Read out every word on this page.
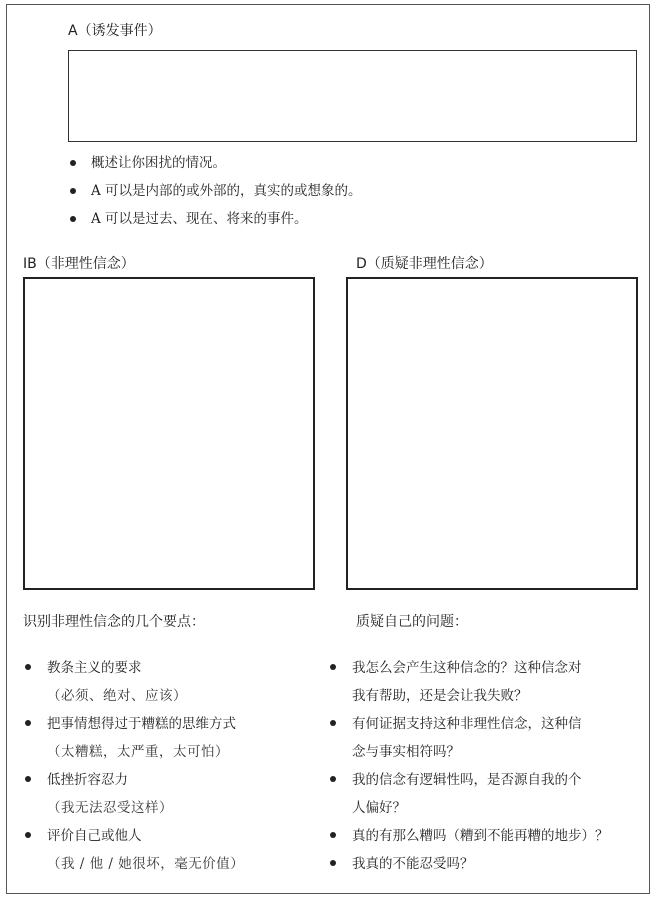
A（诱发事件）
概述让你困扰的情况。
A 可以是内部的或外部的，真实的或想象的。
A 可以是过去、现在、将来的事件。
IB（非理性信念）	D（质疑非理性信念）
识别非理性信念的几个要点：	质疑自己的问题：
教条主义的要求
（必须、绝对、应该）
把事情想得过于糟糕的思维方式
（太糟糕，太严重，太可怕）
低挫折容忍力
（我无法忍受这样）
评价自己或他人
（我 / 他 / 她很坏，毫无价值）
我怎么会产生这种信念的？这种信念对
我有帮助，还是会让我失败？
有何证据支持这种非理性信念，这种信
念与事实相符吗？
我的信念有逻辑性吗，是否源自我的个
人偏好？
真的有那么糟吗（糟到不能再糟的地步）？
我真的不能忍受吗？
